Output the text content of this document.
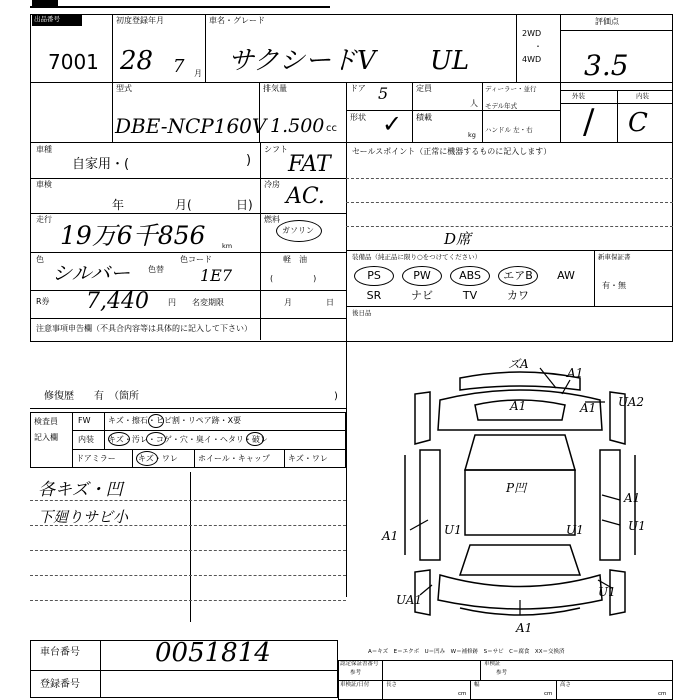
出品番号
7001
初度登録年月
28 7 月
車名・グレード
サクシードV UL
2WD
・
4WD
評価点
3.5
外装	内装
/ C
型式
DBE-NCP160V
排気量
1.500 cc
ドア 5
形状 ✓
定員
人
積載
kg
ディーラー・並行
モデル年式
ハンドル 左・右
車種
自家用・(	)
シフト
FAT
車検
年	月(	日)
冷房 AC.
走行
19万6千856	km
燃料
ガソリン
軽　油
(　　　　　)
色
シルバー 色替
色コード
1E7
R券 7,440 円 名変期限	月	日
注意事項申告欄（不具合内容等は具体的に記入して下さい）
修復歴　　有　（箇所	)
検査員
記入欄
FW キズ・擦石・ヒビ割・リペア跡・X要
内装 キズ・汚レ・コゲ・穴・臭イ・ヘタリ・破レ
ドアミラー	キズ・ワレ	ホイール・キャップ キズ・ワレ
各キズ・凹
下廻りサビ小
セールスポイント（正常に機器するものに記入します）
装備品（純正品に限り○をつけてください）
D席
新車保証書
有・無
後日品
PS	PW	ABS	エアB	AW
SR	ナビ	TV	カワ
ズA
A1
A1	UA2
A1
P凹
A1
A1	U1	U1	U1
UA1
U1
A1
A＝キズ　E＝エクボ　U＝凹み　W＝補修跡　S＝サビ　C＝腐食　XX＝交換済
車台番号	0051814
登録番号
認定保証書番号
参考
車検証
参考
車検証/日付	長さ	幅	高さ
cm	cm	cm
